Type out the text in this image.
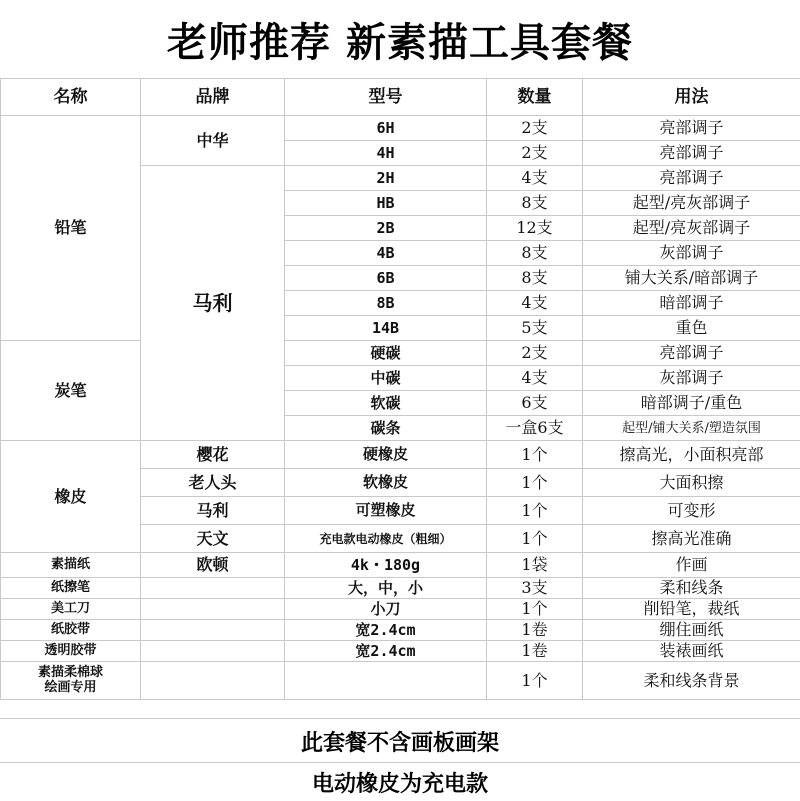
老师推荐 新素描工具套餐
名称	品牌	型号	数量	用法
铅笔	中华	6H	2支	亮部调子
		4H	2支	亮部调子
	马利	2H	4支	亮部调子
		HB	8支	起型/亮灰部调子
		2B	12支	起型/亮灰部调子
		4B	8支	灰部调子
		6B	8支	铺大关系/暗部调子
		8B	4支	暗部调子
		14B	5支	重色
炭笔		硬碳	2支	亮部调子
		中碳	4支	灰部调子
		软碳	6支	暗部调子/重色
		碳条	一盒6支	起型/铺大关系/塑造氛围
橡皮	樱花	硬橡皮	1个	擦高光，小面积亮部
	老人头	软橡皮	1个	大面积擦
	马利	可塑橡皮	1个	可变形
	天文	充电款电动橡皮（粗细）	1个	擦高光准确
素描纸	欧顿	4k・180g	1袋	作画
纸擦笔		大，中，小	3支	柔和线条
美工刀		小刀	1个	削铅笔，裁纸
纸胶带		宽2.4cm	1卷	绷住画纸
透明胶带		宽2.4cm	1卷	装裱画纸

素描柔棉球
绘画专用			1个	柔和线条背景
此套餐不含画板画架
电动橡皮为充电款
